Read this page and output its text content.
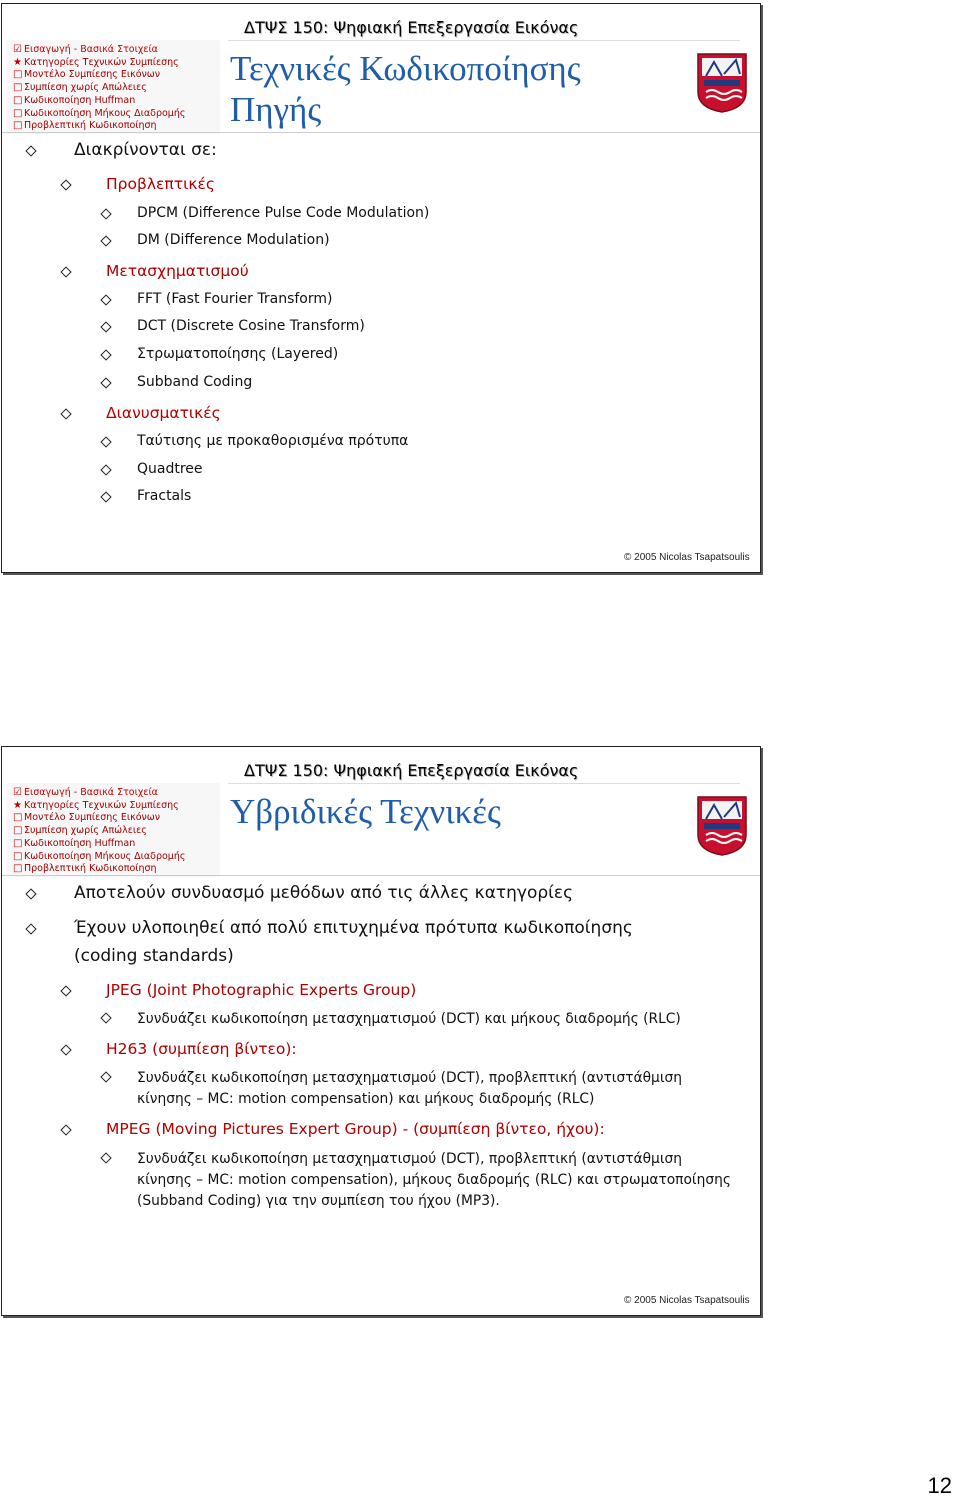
☑ Εισαγωγή - Βασικά Στοιχεία
★ Κατηγορίες Τεχνικών Συμπίεσης
□ Μοντέλο Συμπίεσης Εικόνων
□ Συμπίεση χωρίς Απώλειες
□ Κωδικοποίηση Huffman
□ Κωδικοποίηση Μήκους Διαδρομής
□ Προβλεπτική Κωδικοποίηση
ΔΤΨΣ 150: Ψηφιακή Επεξεργασία Εικόνας
Τεχνικές Κωδικοποίησης
Πηγής
Διακρίνονται σε:
Προβλεπτικές
DPCM (Difference Pulse Code Modulation)
DM (Difference Modulation)
Μετασχηματισμού
FFT (Fast Fourier Transform)
DCT (Discrete Cosine Transform)
Στρωματοποίησης (Layered)
Subband Coding
Διανυσματικές
Ταύτισης με προκαθορισμένα πρότυπα
Quadtree
Fractals
© 2005 Nicolas Tsapatsoulis
☑ Εισαγωγή - Βασικά Στοιχεία
★ Κατηγορίες Τεχνικών Συμπίεσης
□ Μοντέλο Συμπίεσης Εικόνων
□ Συμπίεση χωρίς Απώλειες
□ Κωδικοποίηση Huffman
□ Κωδικοποίηση Μήκους Διαδρομής
□ Προβλεπτική Κωδικοποίηση
ΔΤΨΣ 150: Ψηφιακή Επεξεργασία Εικόνας
Υβριδικές Τεχνικές
Αποτελούν συνδυασμό μεθόδων από τις άλλες κατηγορίες
Έχουν υλοποιηθεί από πολύ επιτυχημένα πρότυπα κωδικοποίησης
(coding standards)
JPEG (Joint Photographic Experts Group)
Συνδυάζει κωδικοποίηση μετασχηματισμού (DCT) και μήκους διαδρομής (RLC)
H263 (συμπίεση βίντεο):
Συνδυάζει κωδικοποίηση μετασχηματισμού (DCT), προβλεπτική (αντιστάθμιση κίνησης – MC: motion compensation) και μήκους διαδρομής (RLC)
MPEG (Moving Pictures Expert Group) - (συμπίεση βίντεο, ήχου):
Συνδυάζει κωδικοποίηση μετασχηματισμού (DCT), προβλεπτική (αντιστάθμιση κίνησης – MC: motion compensation), μήκους διαδρομής (RLC) και στρωματοποίησης (Subband Coding) για την συμπίεση του ήχου (MP3).
© 2005 Nicolas Tsapatsoulis
12
